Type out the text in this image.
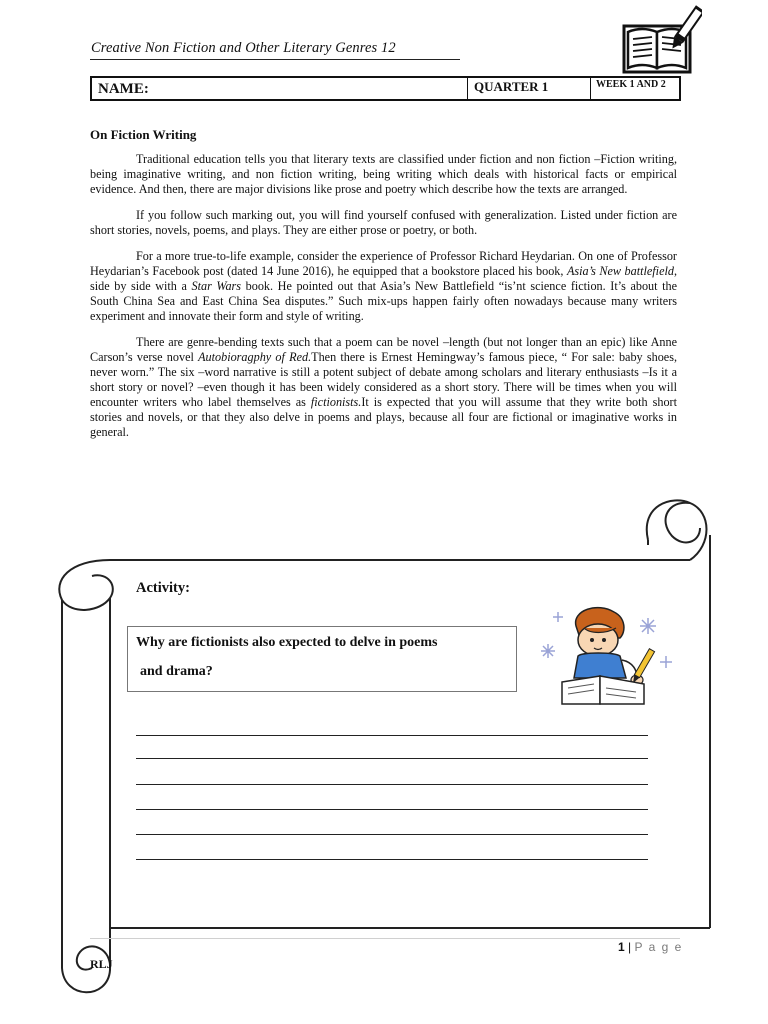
Creative Non Fiction and Other Literary Genres 12
NAME:	QUARTER 1	WEEK 1 AND 2
On Fiction Writing

Traditional education tells you that literary texts are classified under fiction and non fiction –Fiction writing, being imaginative writing, and non fiction writing, being writing which deals with historical facts or empirical evidence. And then, there are major divisions like prose and poetry which describe how the texts are arranged.

If you follow such marking out, you will find yourself confused with generalization. Listed under fiction are short stories, novels, poems, and plays. They are either prose or poetry, or both.

For a more true-to-life example, consider the experience of Professor Richard Heydarian. On one of Professor Heydarian’s Facebook post (dated 14 June 2016), he equipped that a bookstore placed his book, Asia’s New battlefield, side by side with a Star Wars book. He pointed out that Asia’s New Battlefield “is’nt science fiction. It’s about the South China Sea and East China Sea disputes.” Such mix-ups happen fairly often nowadays because many writers experiment and innovate their form and style of writing.

There are genre-bending texts such that a poem can be novel –length (but not longer than an epic) like Anne Carson’s verse novel Autobioragphy of Red.Then there is Ernest Hemingway’s famous piece, “ For sale: baby shoes, never worn.” The six –word narrative is still a potent subject of debate among scholars and literary enthusiasts –Is it a short story or novel? –even though it has been widely considered as a short story. There will be times when you will encounter writers who label themselves as fictionists.It is expected that you will assume that they write both short stories and novels, or that they also delve in poems and plays, because all four are fictional or imaginative works in general.

Activity:
Why are fictionists also expected to delve in poems
and drama?
1 | P a g e
RLJ
